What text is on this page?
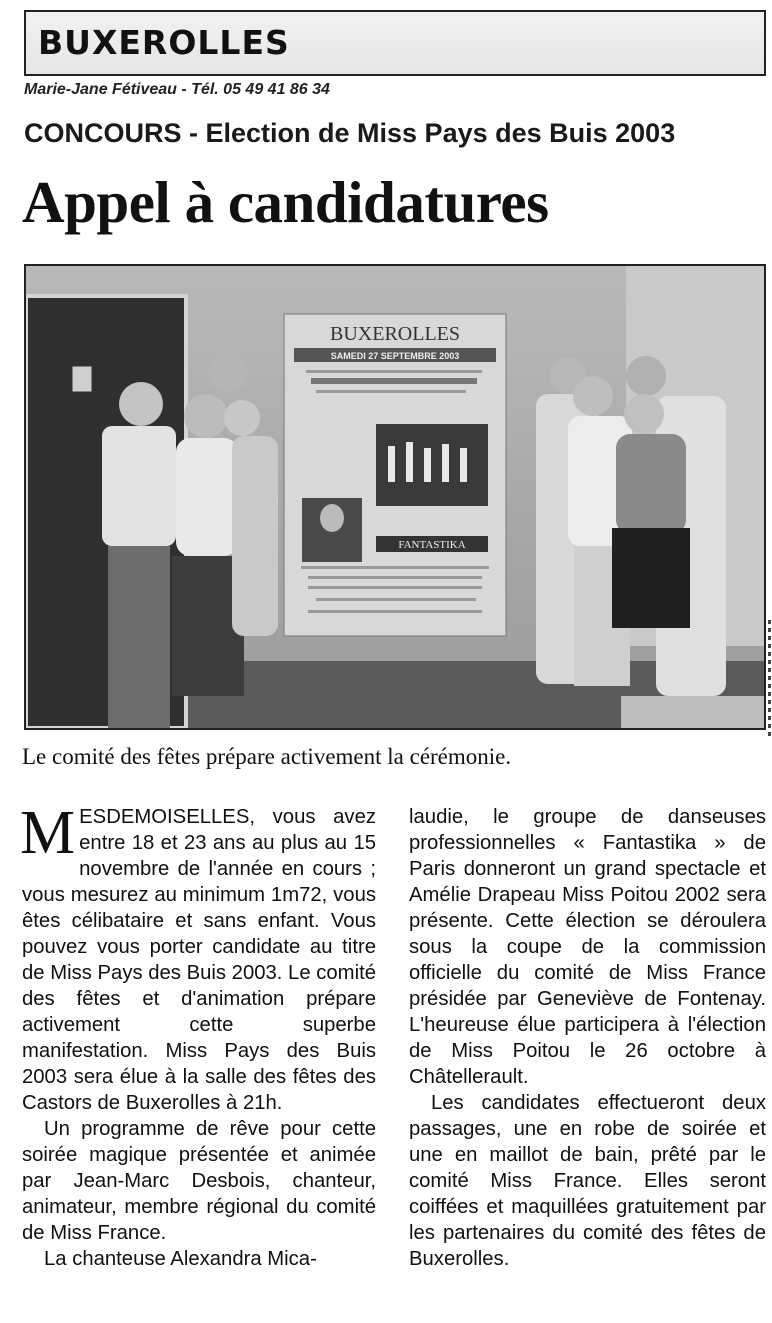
BUXEROLLES
Marie-Jane Fétiveau - Tél. 05 49 41 86 34
CONCOURS - Election de Miss Pays des Buis 2003
Appel à candidatures
BUXEROLLES
SAMEDI 27 SEPTEMBRE 2003
FANTASTIKA
Le comité des fêtes prépare activement la cérémonie.

MESDEMOISELLES, vous avez entre 18 et 23 ans au plus au 15 novembre de l'année en cours ; vous mesurez au minimum 1m72, vous êtes célibataire et sans enfant. Vous pouvez vous porter candidate au titre de Miss Pays des Buis 2003. Le comité des fêtes et d'animation prépare activement cette superbe manifestation. Miss Pays des Buis 2003 sera élue à la salle des fêtes des Castors de Buxerolles à 21h.

Un programme de rêve pour cette soirée magique présentée et animée par Jean-Marc Desbois, chanteur, animateur, membre régional du comité de Miss France.

La chanteuse Alexandra Mica-

laudie, le groupe de danseuses professionnelles « Fantastika » de Paris donneront un grand spectacle et Amélie Drapeau Miss Poitou 2002 sera présente. Cette élection se déroulera sous la coupe de la commission officielle du comité de Miss France présidée par Geneviève de Fontenay. L'heureuse élue participera à l'élection de Miss Poitou le 26 octobre à Châtellerault.

Les candidates effectueront deux passages, une en robe de soirée et une en maillot de bain, prêté par le comité Miss France. Elles seront coiffées et maquillées gratuitement par les partenaires du comité des fêtes de Buxerolles.
